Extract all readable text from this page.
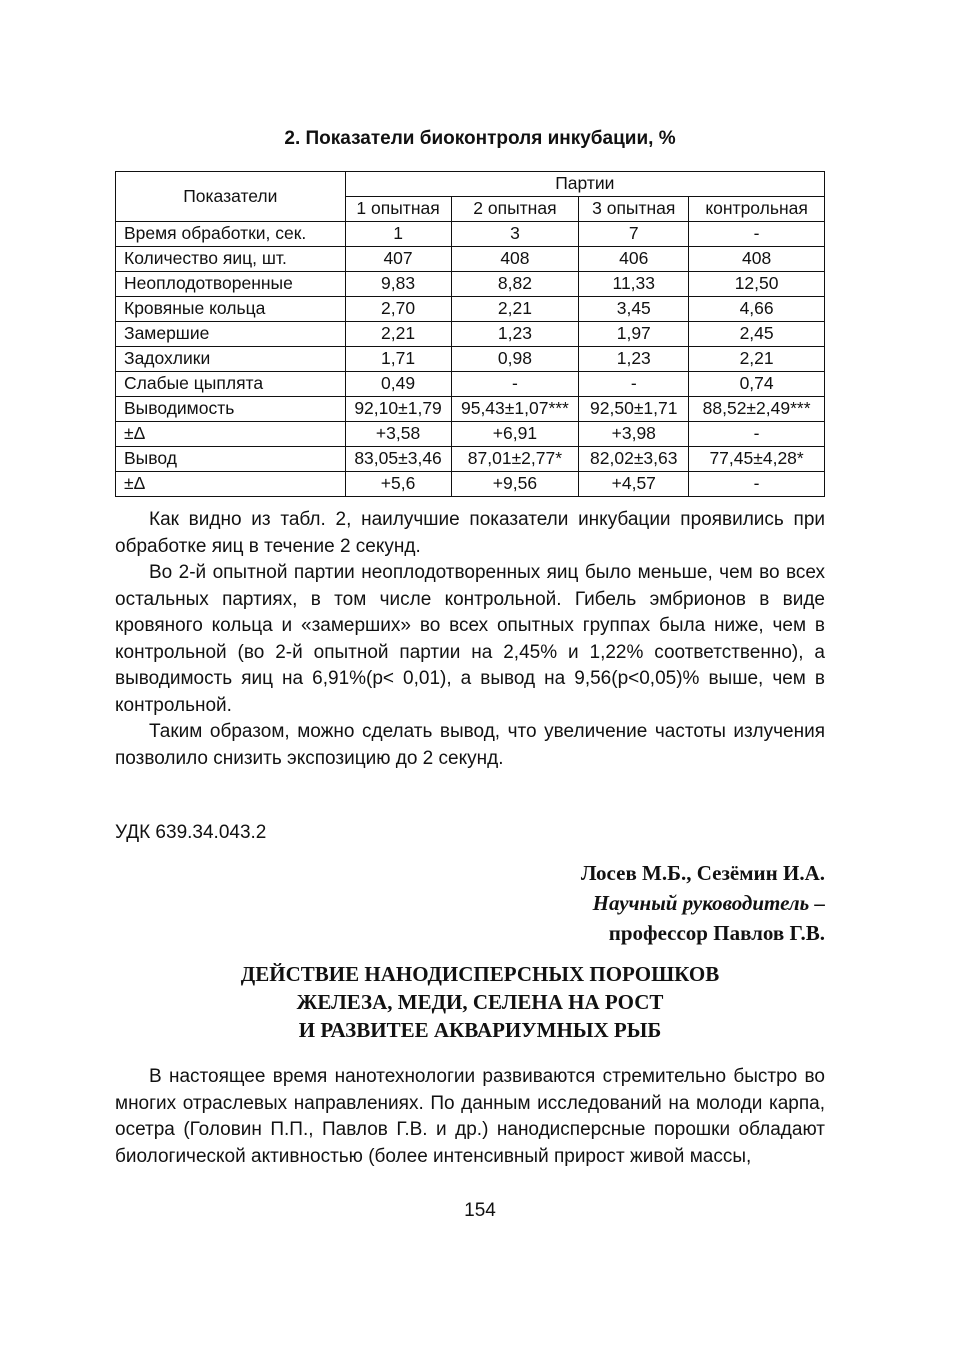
2. Показатели биоконтроля инкубации, %
Показатели	Партии			
	1 опытная	2 опытная	3 опытная	контрольная
Время обработки, сек.	1	3	7	-
Количество яиц, шт.	407	408	406	408
Неоплодотворенные	9,83	8,82	11,33	12,50
Кровяные кольца	2,70	2,21	3,45	4,66
Замершие	2,21	1,23	1,97	2,45
Задохлики	1,71	0,98	1,23	2,21
Слабые цыплята	0,49	-	-	0,74
Выводимость	92,10±1,79	95,43±1,07***	92,50±1,71	88,52±2,49***
±Δ	+3,58	+6,91	+3,98	-
Вывод	83,05±3,46	87,01±2,77*	82,02±3,63	77,45±4,28*
±Δ	+5,6	+9,56	+4,57	-

Как видно из табл. 2, наилучшие показатели инкубации проявились при обработке яиц в течение 2 секунд.

Во 2-й опытной партии неоплодотворенных яиц было меньше, чем во всех остальных партиях, в том числе контрольной. Гибель эмбрионов в виде кровяного кольца и «замерших» во всех опытных группах была ниже, чем в контрольной (во 2-й опытной партии на 2,45% и 1,22% соответственно), а выводимость яиц на 6,91%(р< 0,01), а вывод на 9,56(р<0,05)% выше, чем в контрольной.

Таким образом, можно сделать вывод, что увеличение частоты излучения позволило снизить экспозицию до 2 секунд.

УДК 639.34.043.2
Лосев М.Б., Сезёмин И.А.
Научный руководитель –
профессор Павлов Г.В.
ДЕЙСТВИЕ НАНОДИСПЕРСНЫХ ПОРОШКОВ
ЖЕЛЕЗА, МЕДИ, СЕЛЕНА НА РОСТ
И РАЗВИТЕЕ АКВАРИУМНЫХ РЫБ

В настоящее время нанотехнологии развиваются стремительно быстро во многих отраслевых направлениях. По данным исследований на молоди карпа, осетра (Головин П.П., Павлов Г.В. и др.) нанодисперсные порошки обладают биологической активностью (более интенсивный прирост живой массы,

154
